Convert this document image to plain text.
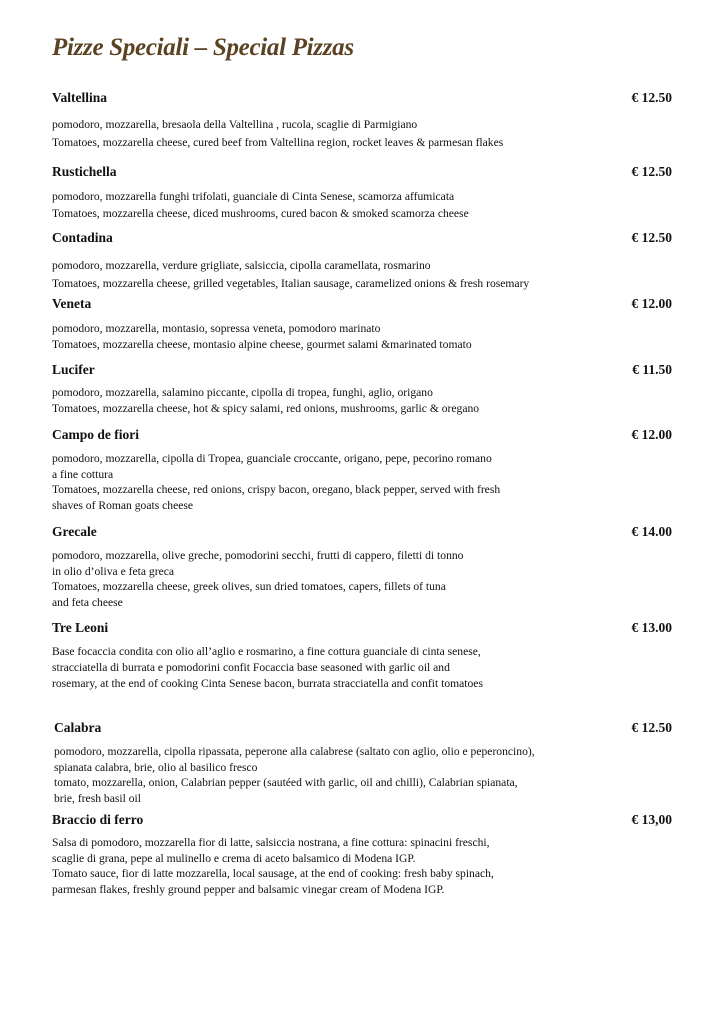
Pizze Speciali – Special Pizzas
Valtellina	€ 12.50
pomodoro, mozzarella, bresaola della Valtellina , rucola, scaglie di Parmigiano
Tomatoes, mozzarella cheese, cured beef from Valtellina region, rocket leaves & parmesan flakes
Rustichella	€ 12.50
pomodoro, mozzarella funghi trifolati, guanciale di Cinta Senese, scamorza affumicata
Tomatoes, mozzarella cheese, diced mushrooms, cured bacon & smoked scamorza cheese
Contadina	€ 12.50
pomodoro, mozzarella, verdure grigliate, salsiccia, cipolla caramellata, rosmarino
Tomatoes, mozzarella cheese, grilled vegetables, Italian sausage, caramelized onions & fresh rosemary
Veneta	€ 12.00
pomodoro, mozzarella, montasio, sopressa veneta, pomodoro marinato
Tomatoes, mozzarella cheese, montasio alpine cheese, gourmet salami &marinated tomato
Lucifer	€ 11.50
pomodoro, mozzarella, salamino piccante, cipolla di tropea, funghi, aglio, origano
Tomatoes, mozzarella cheese, hot & spicy salami, red onions, mushrooms, garlic & oregano
Campo de fiori	€ 12.00
pomodoro, mozzarella, cipolla di Tropea, guanciale croccante, origano, pepe, pecorino romano
a fine cottura
Tomatoes, mozzarella cheese, red onions, crispy bacon, oregano, black pepper, served with fresh
shaves of Roman goats cheese
Grecale	€ 14.00
pomodoro, mozzarella, olive greche, pomodorini secchi, frutti di cappero, filetti di tonno
in olio d’oliva e feta greca
Tomatoes, mozzarella cheese, greek olives, sun dried tomatoes, capers, fillets of tuna
and feta cheese
Tre Leoni	€ 13.00
Base focaccia condita con olio all’aglio e rosmarino, a fine cottura guanciale di cinta senese,
stracciatella di burrata e pomodorini confit Focaccia base seasoned with garlic oil and
rosemary, at the end of cooking Cinta Senese bacon, burrata stracciatella and confit tomatoes
Calabra	€ 12.50
pomodoro, mozzarella, cipolla ripassata, peperone alla calabrese (saltato con aglio, olio e peperoncino),
spianata calabra, brie, olio al basilico fresco
tomato, mozzarella, onion, Calabrian pepper (sautéed with garlic, oil and chilli), Calabrian spianata,
brie, fresh basil oil
Braccio di ferro	€ 13,00
Salsa di pomodoro, mozzarella fior di latte, salsiccia nostrana, a fine cottura: spinacini freschi,
scaglie di grana, pepe al mulinello e crema di aceto balsamico di Modena IGP.
Tomato sauce, fior di latte mozzarella, local sausage, at the end of cooking: fresh baby spinach,
parmesan flakes, freshly ground pepper and balsamic vinegar cream of Modena IGP.
